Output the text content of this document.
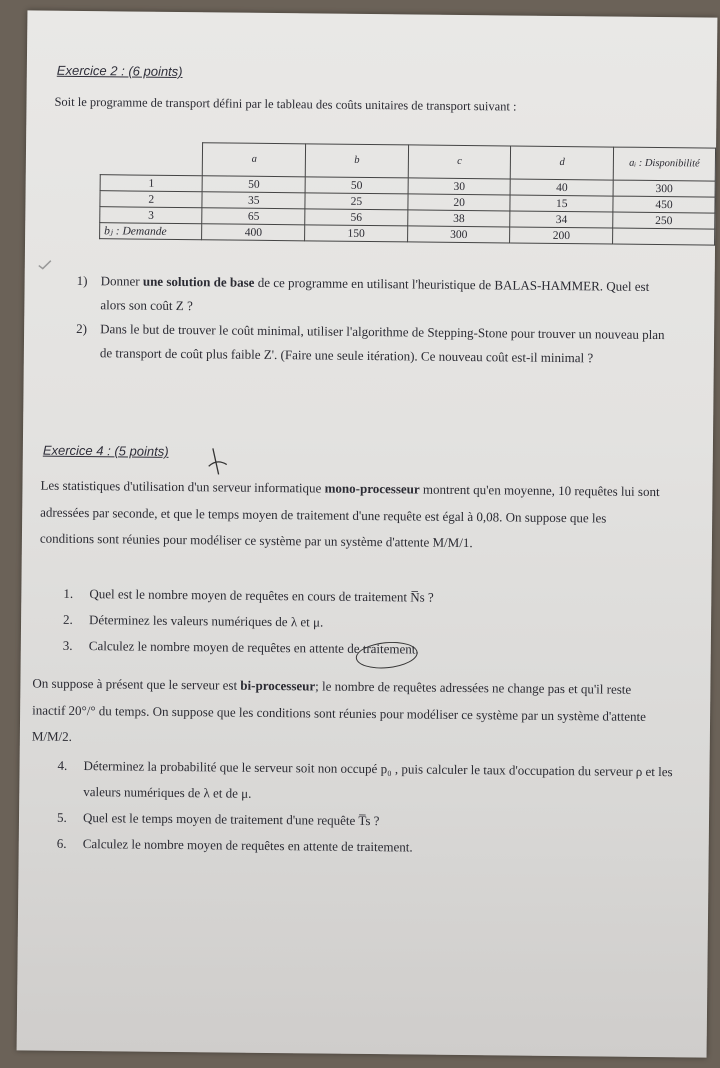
Exercice 2 : (6 points)
Soit le programme de transport défini par le tableau des coûts unitaires de transport suivant :
	a	b	c	d	aᵢ : Disponibilité
1	50	50	30	40	300
2	35	25	20	15	450
3	65	56	38	34	250
bⱼ : Demande	400	150	300	200	
1) Donner une solution de base de ce programme en utilisant l'heuristique de BALAS-HAMMER. Quel est alors son coût Z ?
2) Dans le but de trouver le coût minimal, utiliser l'algorithme de Stepping-Stone pour trouver un nouveau plan de transport de coût plus faible Z'. (Faire une seule itération). Ce nouveau coût est-il minimal ?
Exercice 4 : (5 points)
Les statistiques d'utilisation d'un serveur informatique mono-processeur montrent qu'en moyenne, 10 requêtes lui sont adressées par seconde, et que le temps moyen de traitement d'une requête est égal à 0,08. On suppose que les conditions sont réunies pour modéliser ce système par un système d'attente M/M/1.
1. Quel est le nombre moyen de requêtes en cours de traitement N̅s ?
2. Déterminez les valeurs numériques de λ et μ.
3. Calculez le nombre moyen de requêtes en attente de traitement.
On suppose à présent que le serveur est bi-processeur; le nombre de requêtes adressées ne change pas et qu'il reste inactif 20°/° du temps. On suppose que les conditions sont réunies pour modéliser ce système par un système d'attente M/M/2.
4. Déterminez la probabilité que le serveur soit non occupé p₀ , puis calculer le taux d'occupation du serveur ρ et les valeurs numériques de λ et de μ.
5. Quel est le temps moyen de traitement d'une requête T̅s ?
6. Calculez le nombre moyen de requêtes en attente de traitement.
